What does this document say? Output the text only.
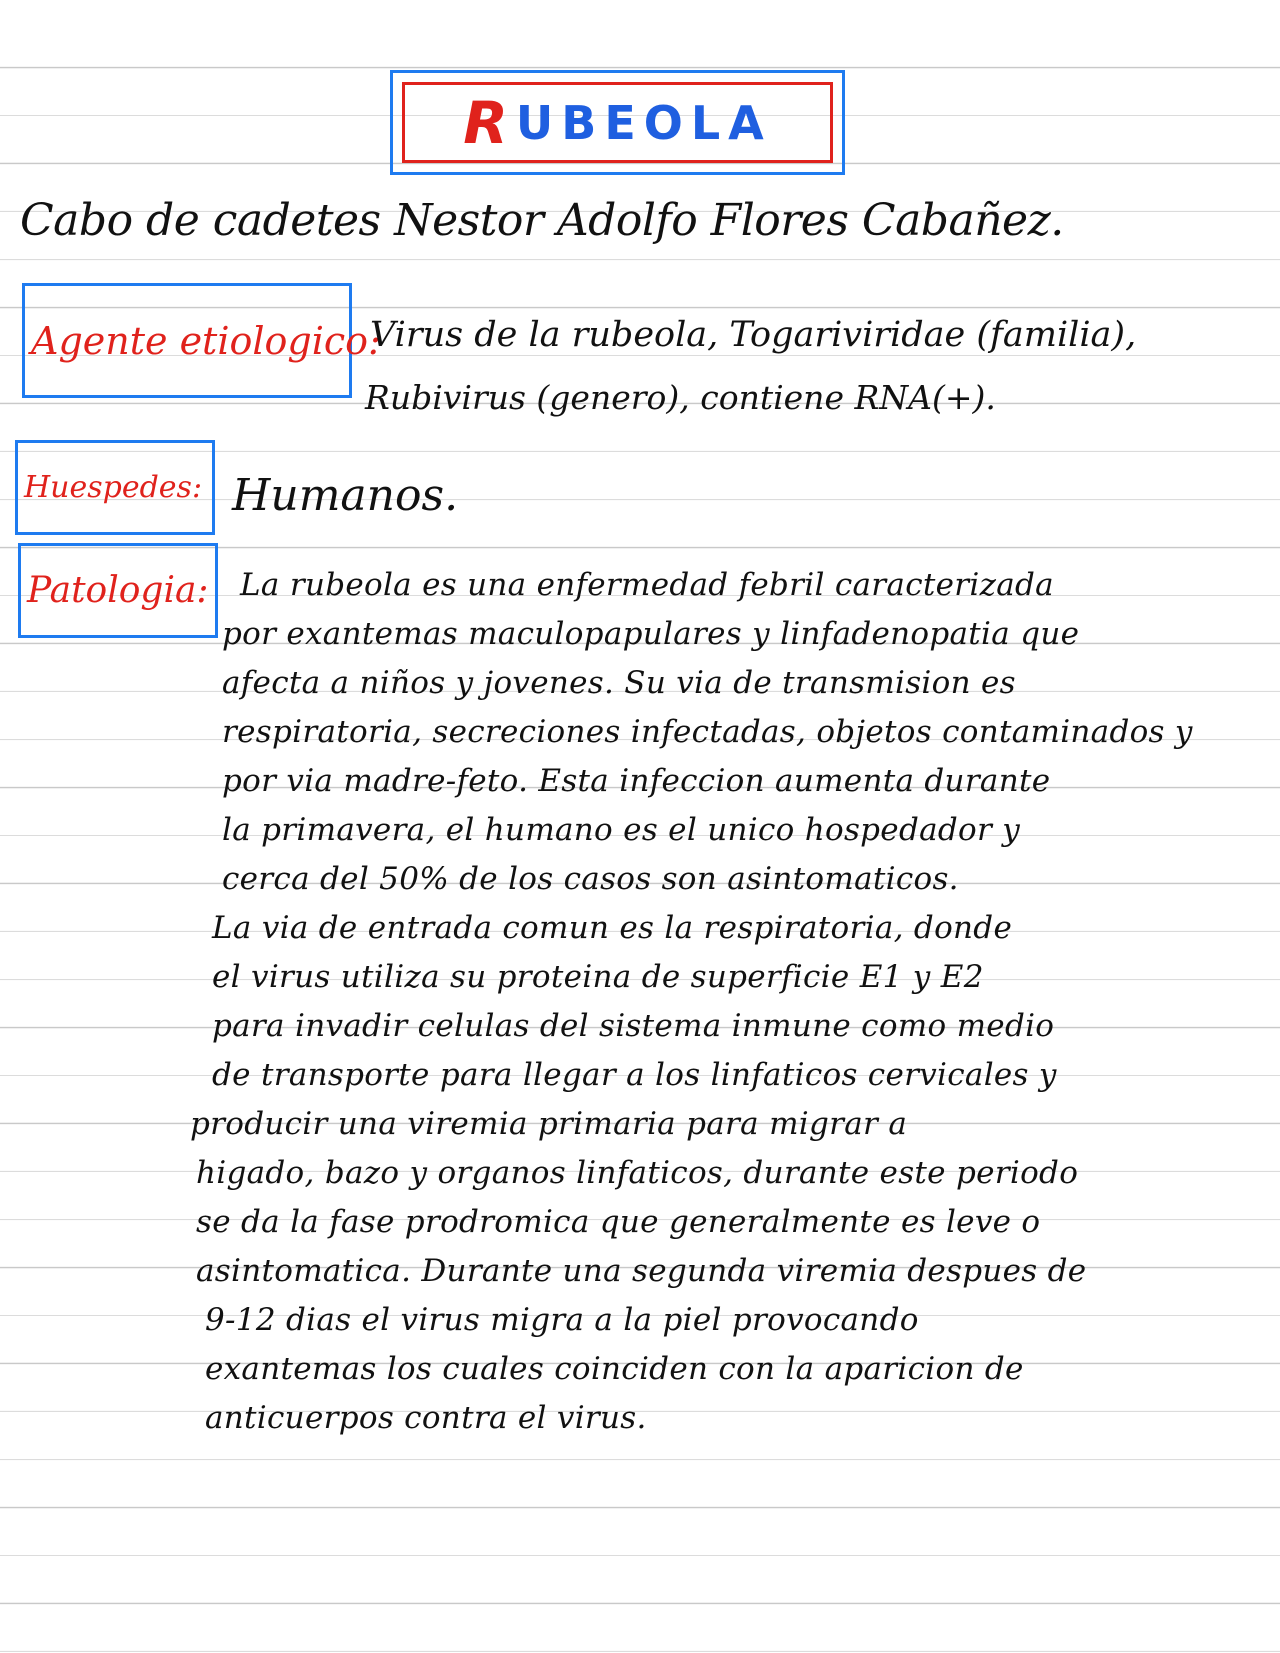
R UBEOLA
Cabo de cadetes Nestor Adolfo Flores Cabañez.
Agente etiologico:
Virus de la rubeola, Togariviridae (familia),
Rubivirus (genero), contiene RNA(+).
Huespedes: Humanos.
Patologia:	La rubeola es una enfermedad febril caracterizada
por exantemas maculopapulares y linfadenopatia que
afecta a niños y jovenes. Su via de transmision es
respiratoria, secreciones infectadas, objetos contaminados y
por via madre-feto. Esta infeccion aumenta durante
la primavera, el humano es el unico hospedador y
cerca del 50% de los casos son asintomaticos.
La via de entrada comun es la respiratoria, donde
el virus utiliza su proteina de superficie E1 y E2
para invadir celulas del sistema inmune como medio
de transporte para llegar a los linfaticos cervicales y
producir una viremia primaria para migrar a
higado, bazo y organos linfaticos, durante este periodo
se da la fase prodromica que generalmente es leve o
asintomatica. Durante una segunda viremia despues de
9-12 dias el virus migra a la piel provocando
exantemas los cuales coinciden con la aparicion de
anticuerpos contra el virus.
